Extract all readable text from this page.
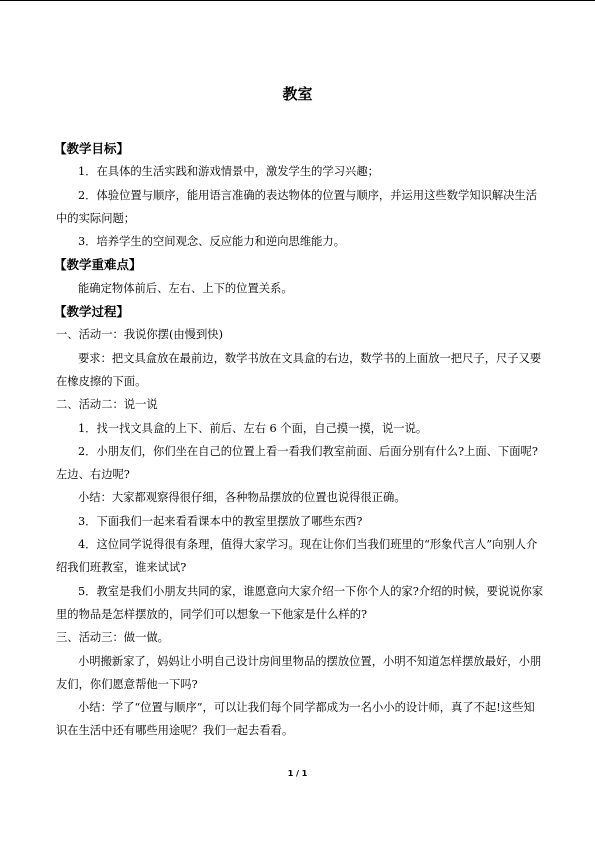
教室
【教学目标】

1．在具体的生活实践和游戏情景中，激发学生的学习兴趣；

2．体验位置与顺序，能用语言准确的表达物体的位置与顺序，并运用这些数学知识解决生活中的实际问题；

3．培养学生的空间观念、反应能力和逆向思维能力。

【教学重难点】

能确定物体前后、左右、上下的位置关系。

【教学过程】

一、活动一：我说你摆(由慢到快)

要求：把文具盒放在最前边，数学书放在文具盒的右边，数学书的上面放一把尺子，尺子又要在橡皮擦的下面。

二、活动二：说一说

1．找一找文具盒的上下、前后、左右 6 个面，自己摸一摸，说一说。

2．小朋友们，你们坐在自己的位置上看一看我们教室前面、后面分别有什么?上面、下面呢?左边、右边呢?

小结：大家都观察得很仔细，各种物品摆放的位置也说得很正确。

3．下面我们一起来看看课本中的教室里摆放了哪些东西?

4．这位同学说得很有条理，值得大家学习。现在让你们当我们班里的“形象代言人”向别人介绍我们班教室，谁来试试?

5．教室是我们小朋友共同的家，谁愿意向大家介绍一下你个人的家?介绍的时候，要说说你家里的物品是怎样摆放的，同学们可以想象一下他家是什么样的?

三、活动三：做一做。

小明搬新家了，妈妈让小明自己设计房间里物品的摆放位置，小明不知道怎样摆放最好，小朋友们，你们愿意帮他一下吗?

小结：学了“位置与顺序”，可以让我们每个同学都成为一名小小的设计师，真了不起!这些知识在生活中还有哪些用途呢？我们一起去看看。

1 / 1
